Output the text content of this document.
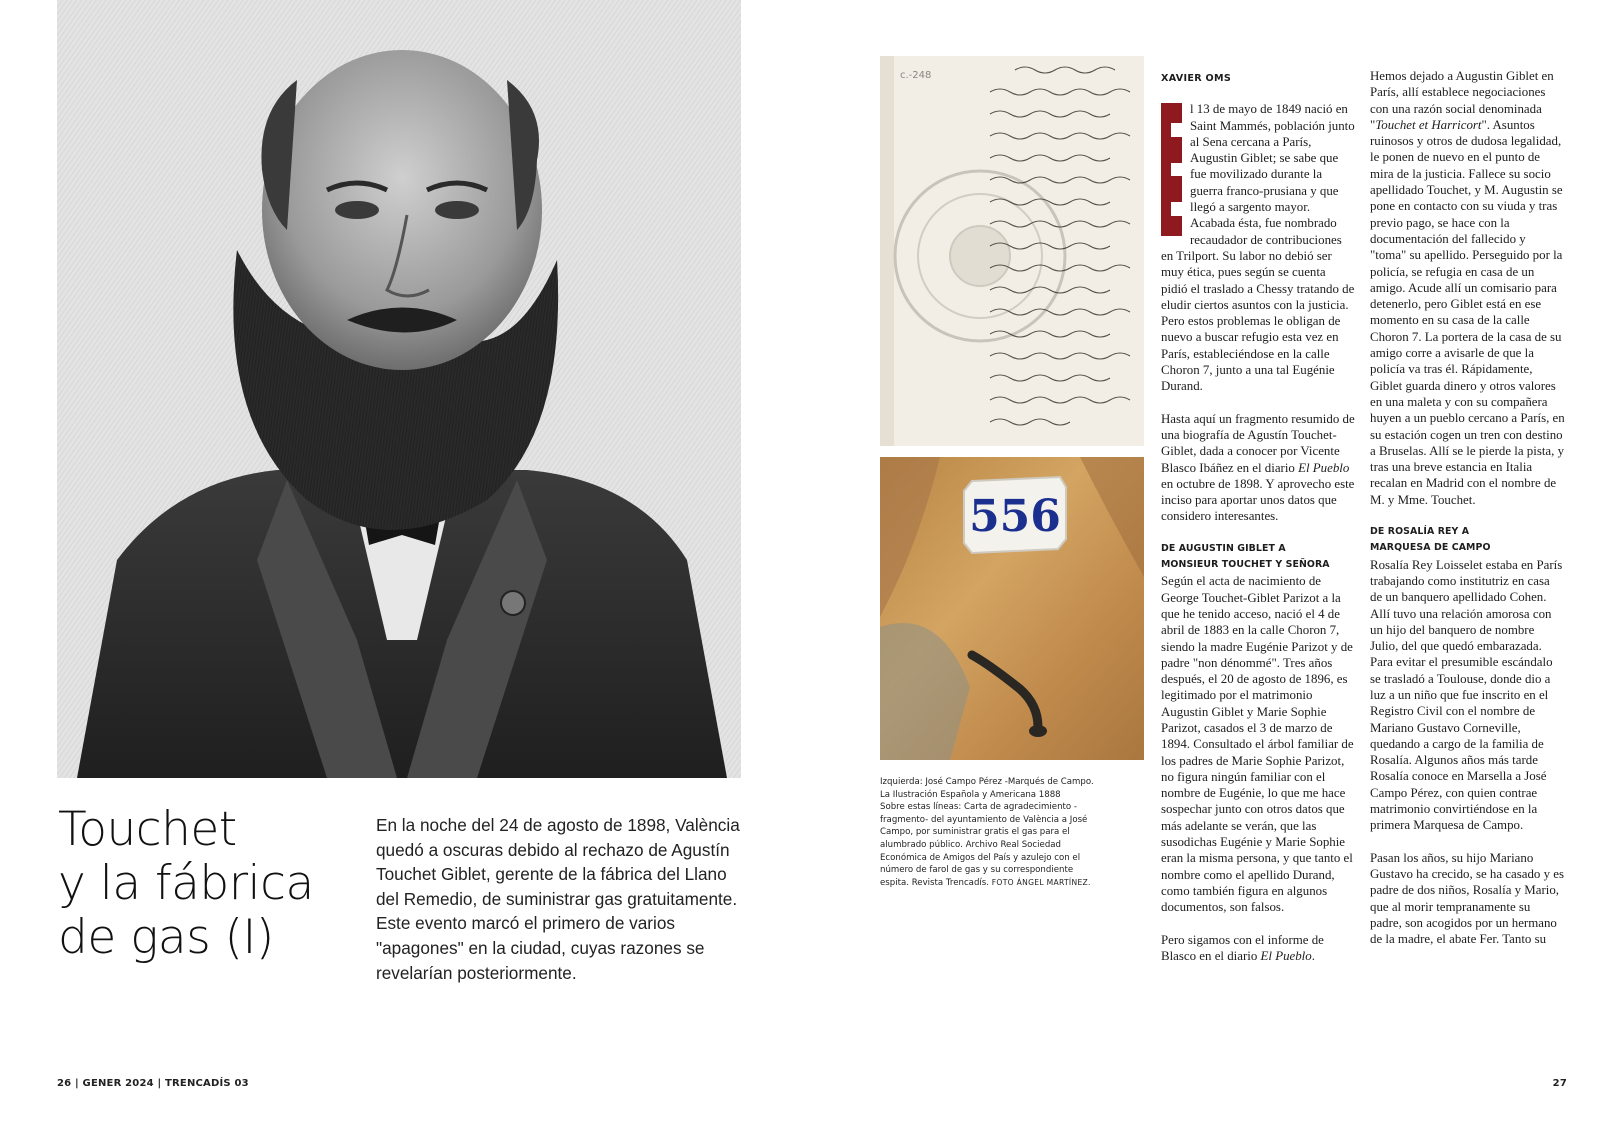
Touchet
y la fábrica
de gas (I)
En la noche del 24 de agosto de 1898, València quedó a oscuras debido al rechazo de Agustín Touchet Giblet, gerente de la fábrica del Llano del Remedio, de suministrar gas gratuitamente. Este evento marcó el primero de varios "apagones" en la ciudad, cuyas razones se revelarían posteriormente.
26 | GENER 2024 | TRENCADÍS 03
c.-248
556
Izquierda: José Campo Pérez -Marqués de Campo. La Ilustración Española y Americana 1888
Sobre estas líneas: Carta de agradecimiento -fragmento- del ayuntamiento de València a José Campo, por suministrar gratis el gas para el alumbrado público. Archivo Real Sociedad Económica de Amigos del País y azulejo con el número de farol de gas y su correspondiente espita. Revista Trencadís. FOTO ÁNGEL MARTÍNEZ.
XAVIER OMS

l 13 de mayo de 1849 nació en Saint Mammés, población junto al Sena cercana a París, Augustin Giblet; se sabe que fue movilizado durante la guerra franco-prusiana y que llegó a sargento mayor. Acabada ésta, fue nombrado recaudador de contribuciones en Trilport. Su labor no debió ser muy ética, pues según se cuenta pidió el traslado a Chessy tratando de eludir ciertos asuntos con la justicia. Pero estos problemas le obligan de nuevo a buscar refugio esta vez en París, estableciéndose en la calle Choron 7, junto a una tal Eugénie Durand.

Hasta aquí un fragmento resumido de una biografía de Agustín Touchet-Giblet, dada a conocer por Vicente Blasco Ibáñez en el diario El Pueblo en octubre de 1898. Y aprovecho este inciso para aportar unos datos que considero interesantes.

DE AUGUSTIN GIBLET A
MONSIEUR TOUCHET Y SEÑORA

Según el acta de nacimiento de George Touchet-Giblet Parizot a la que he tenido acceso, nació el 4 de abril de 1883 en la calle Choron 7, siendo la madre Eugénie Parizot y de padre "non dénommé". Tres años después, el 20 de agosto de 1896, es legitimado por el matrimonio Augustin Giblet y Marie Sophie Parizot, casados el 3 de marzo de 1894. Consultado el árbol familiar de los padres de Marie Sophie Parizot, no figura ningún familiar con el nombre de Eugénie, lo que me hace sospechar junto con otros datos que más adelante se verán, que las susodichas Eugénie y Marie Sophie eran la misma persona, y que tanto el nombre como el apellido Durand, como también figura en algunos documentos, son falsos.

Pero sigamos con el informe de Blasco en el diario El Pueblo.

Hemos dejado a Augustin Giblet en París, allí establece negociaciones con una razón social denominada "Touchet et Harricort". Asuntos ruinosos y otros de dudosa legalidad, le ponen de nuevo en el punto de mira de la justicia. Fallece su socio apellidado Touchet, y M. Augustin se pone en contacto con su viuda y tras previo pago, se hace con la documentación del fallecido y "toma" su apellido. Perseguido por la policía, se refugia en casa de un amigo. Acude allí un comisario para detenerlo, pero Giblet está en ese momento en su casa de la calle Choron 7. La portera de la casa de su amigo corre a avisarle de que la policía va tras él. Rápidamente, Giblet guarda dinero y otros valores en una maleta y con su compañera huyen a un pueblo cercano a París, en su estación cogen un tren con destino a Bruselas. Allí se le pierde la pista, y tras una breve estancia en Italia recalan en Madrid con el nombre de M. y Mme. Touchet.

DE ROSALÍA REY A
MARQUESA DE CAMPO

Rosalía Rey Loisselet estaba en París trabajando como institutriz en casa de un banquero apellidado Cohen. Allí tuvo una relación amorosa con un hijo del banquero de nombre Julio, del que quedó embarazada. Para evitar el presumible escándalo se trasladó a Toulouse, donde dio a luz a un niño que fue inscrito en el Registro Civil con el nombre de Mariano Gustavo Corneville, quedando a cargo de la familia de Rosalía. Algunos años más tarde Rosalía conoce en Marsella a José Campo Pérez, con quien contrae matrimonio convirtiéndose en la primera Marquesa de Campo.

Pasan los años, su hijo Mariano Gustavo ha crecido, se ha casado y es padre de dos niños, Rosalía y Mario, que al morir tempranamente su padre, son acogidos por un hermano de la madre, el abate Fer. Tanto su

27
